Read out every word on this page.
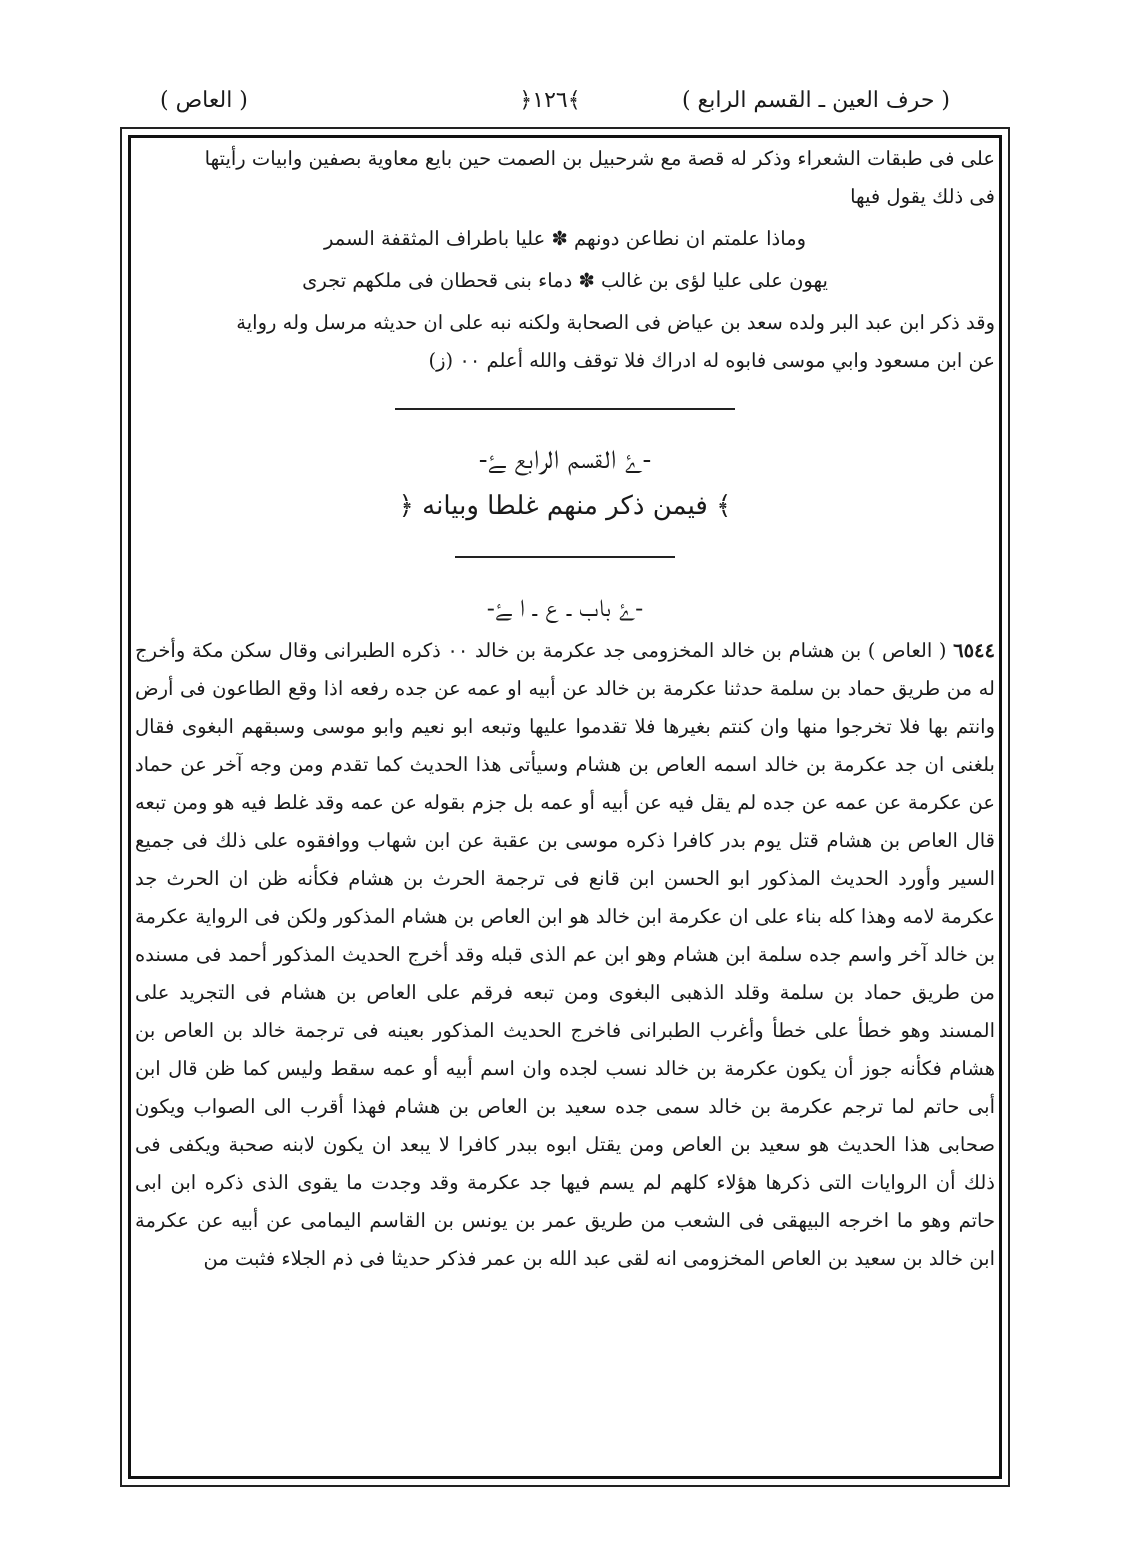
( حرف العين ـ القسم الرابع )
﴿١٢٦﴾
( العاص )

على فى طبقات الشعراء وذكر له قصة مع شرحبيل بن الصمت حين بايع معاوية بصفين وابيات رأيتها

فى ذلك يقول فيها

وماذا علمتم ان نطاعن دونهم ✽ عليا باطراف المثقفة السمر

يهون على عليا لؤى بن غالب ✽ دماء بنى قحطان فى ملكهم تجرى

وقد ذكر ابن عبد البر ولده سعد بن عياض فى الصحابة ولكنه نبه على ان حديثه مرسل وله رواية

عن ابن مسعود وابي موسى فابوه له ادراك فلا توقف والله أعلم ٠٠ (ز)

-ﮰ القسم الرابع ﮱ-
﴾ فيمن ذكر منهم غلطا وبيانه ﴿
-ﮰ باب ـ ع ـ ا ﮱ-

٦٥٤٤ ( العاص ) بن هشام بن خالد المخزومى جد عكرمة بن خالد ٠٠ ذكره الطبرانى وقال سكن مكة وأخرج له من طريق حماد بن سلمة حدثنا عكرمة بن خالد عن أبيه او عمه عن جده رفعه اذا وقع الطاعون فى أرض وانتم بها فلا تخرجوا منها وان كنتم بغيرها فلا تقدموا عليها وتبعه ابو نعيم وابو موسى وسبقهم البغوى فقال بلغنى ان جد عكرمة بن خالد اسمه العاص بن هشام وسيأتى هذا الحديث كما تقدم ومن وجه آخر عن حماد عن عكرمة عن عمه عن جده لم يقل فيه عن أبيه أو عمه بل جزم بقوله عن عمه وقد غلط فيه هو ومن تبعه قال العاص بن هشام قتل يوم بدر كافرا ذكره موسى بن عقبة عن ابن شهاب ووافقوه على ذلك فى جميع السير وأورد الحديث المذكور ابو الحسن ابن قانع فى ترجمة الحرث بن هشام فكأنه ظن ان الحرث جد عكرمة لامه وهذا كله بناء على ان عكرمة ابن خالد هو ابن العاص بن هشام المذكور ولكن فى الرواية عكرمة بن خالد آخر واسم جده سلمة ابن هشام وهو ابن عم الذى قبله وقد أخرج الحديث المذكور أحمد فى مسنده من طريق حماد بن سلمة وقلد الذهبى البغوى ومن تبعه فرقم على العاص بن هشام فى التجريد على المسند وهو خطأ على خطأ وأغرب الطبرانى فاخرج الحديث المذكور بعينه فى ترجمة خالد بن العاص بن هشام فكأنه جوز أن يكون عكرمة بن خالد نسب لجده وان اسم أبيه أو عمه سقط وليس كما ظن قال ابن أبى حاتم لما ترجم عكرمة بن خالد سمى جده سعيد بن العاص بن هشام فهذا أقرب الى الصواب ويكون صحابى هذا الحديث هو سعيد بن العاص ومن يقتل ابوه ببدر كافرا لا يبعد ان يكون لابنه صحبة ويكفى فى ذلك أن الروايات التى ذكرها هؤلاء كلهم لم يسم فيها جد عكرمة وقد وجدت ما يقوى الذى ذكره ابن ابى حاتم وهو ما اخرجه البيهقى فى الشعب من طريق عمر بن يونس بن القاسم اليمامى عن أبيه عن عكرمة ابن خالد بن سعيد بن العاص المخزومى انه لقى عبد الله بن عمر فذكر حديثا فى ذم الجلاء فثبت من
